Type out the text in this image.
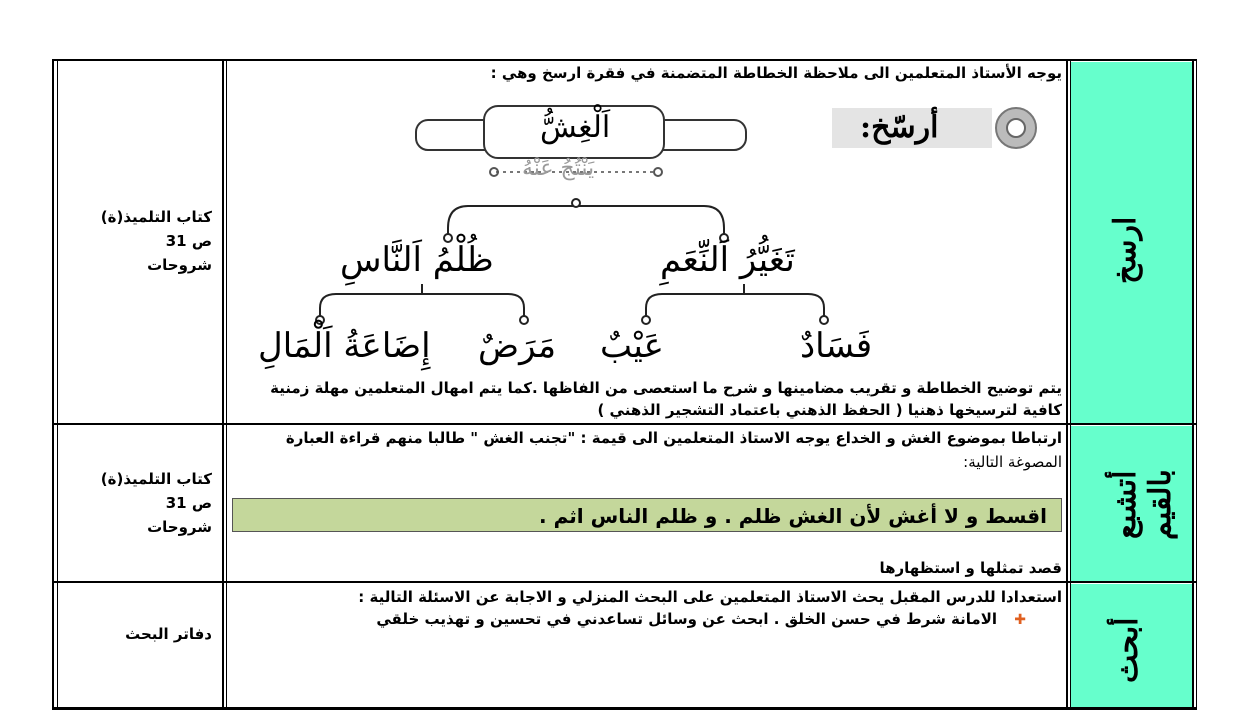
ارسخ
أتشبع بالقيم
أبحث
كتاب التلميذ(ة)
ص 31
شروحات
كتاب التلميذ(ة)
ص 31
شروحات
دفاتر البحث
يوجه الأستاذ المتعلمين الى ملاحظة الخطاطة المتضمنة في فقرة ارسخ وهي :
أرسّخ:
اَلْغِشُّ
يَنْتُجُ عَنْهُ
تَغَيُّرُ اَلنِّعَمِ
ظُلْمُ اَلنَّاسِ
فَسَادٌ
عَيْبٌ
مَرَضٌ
إِضَاعَةُ اَلْمَالِ
يتم توضيح الخطاطة و تقريب مضامينها و شرح ما استعصى من الفاظها .كما يتم امهال المتعلمين مهلة زمنية
كافية لترسيخها ذهنيا ( الحفظ الذهني باعتماد التشجير الذهني )
ارتباطا بموضوع الغش و الخداع يوجه الاستاذ المتعلمين الى قيمة : "تجنب الغش " طالبا منهم قراءة العبارة
المصوغة التالية:
اقسط و لا أغش لأن الغش ظلم . و ظلم الناس اثم .
قصد تمثلها و استظهارها
استعدادا للدرس المقبل يحث الاستاذ المتعلمين على البحث المنزلي و الاجابة عن الاسئلة التالية :
✚ الامانة شرط في حسن الخلق . ابحث عن وسائل تساعدني في تحسين و تهذيب خلقي
